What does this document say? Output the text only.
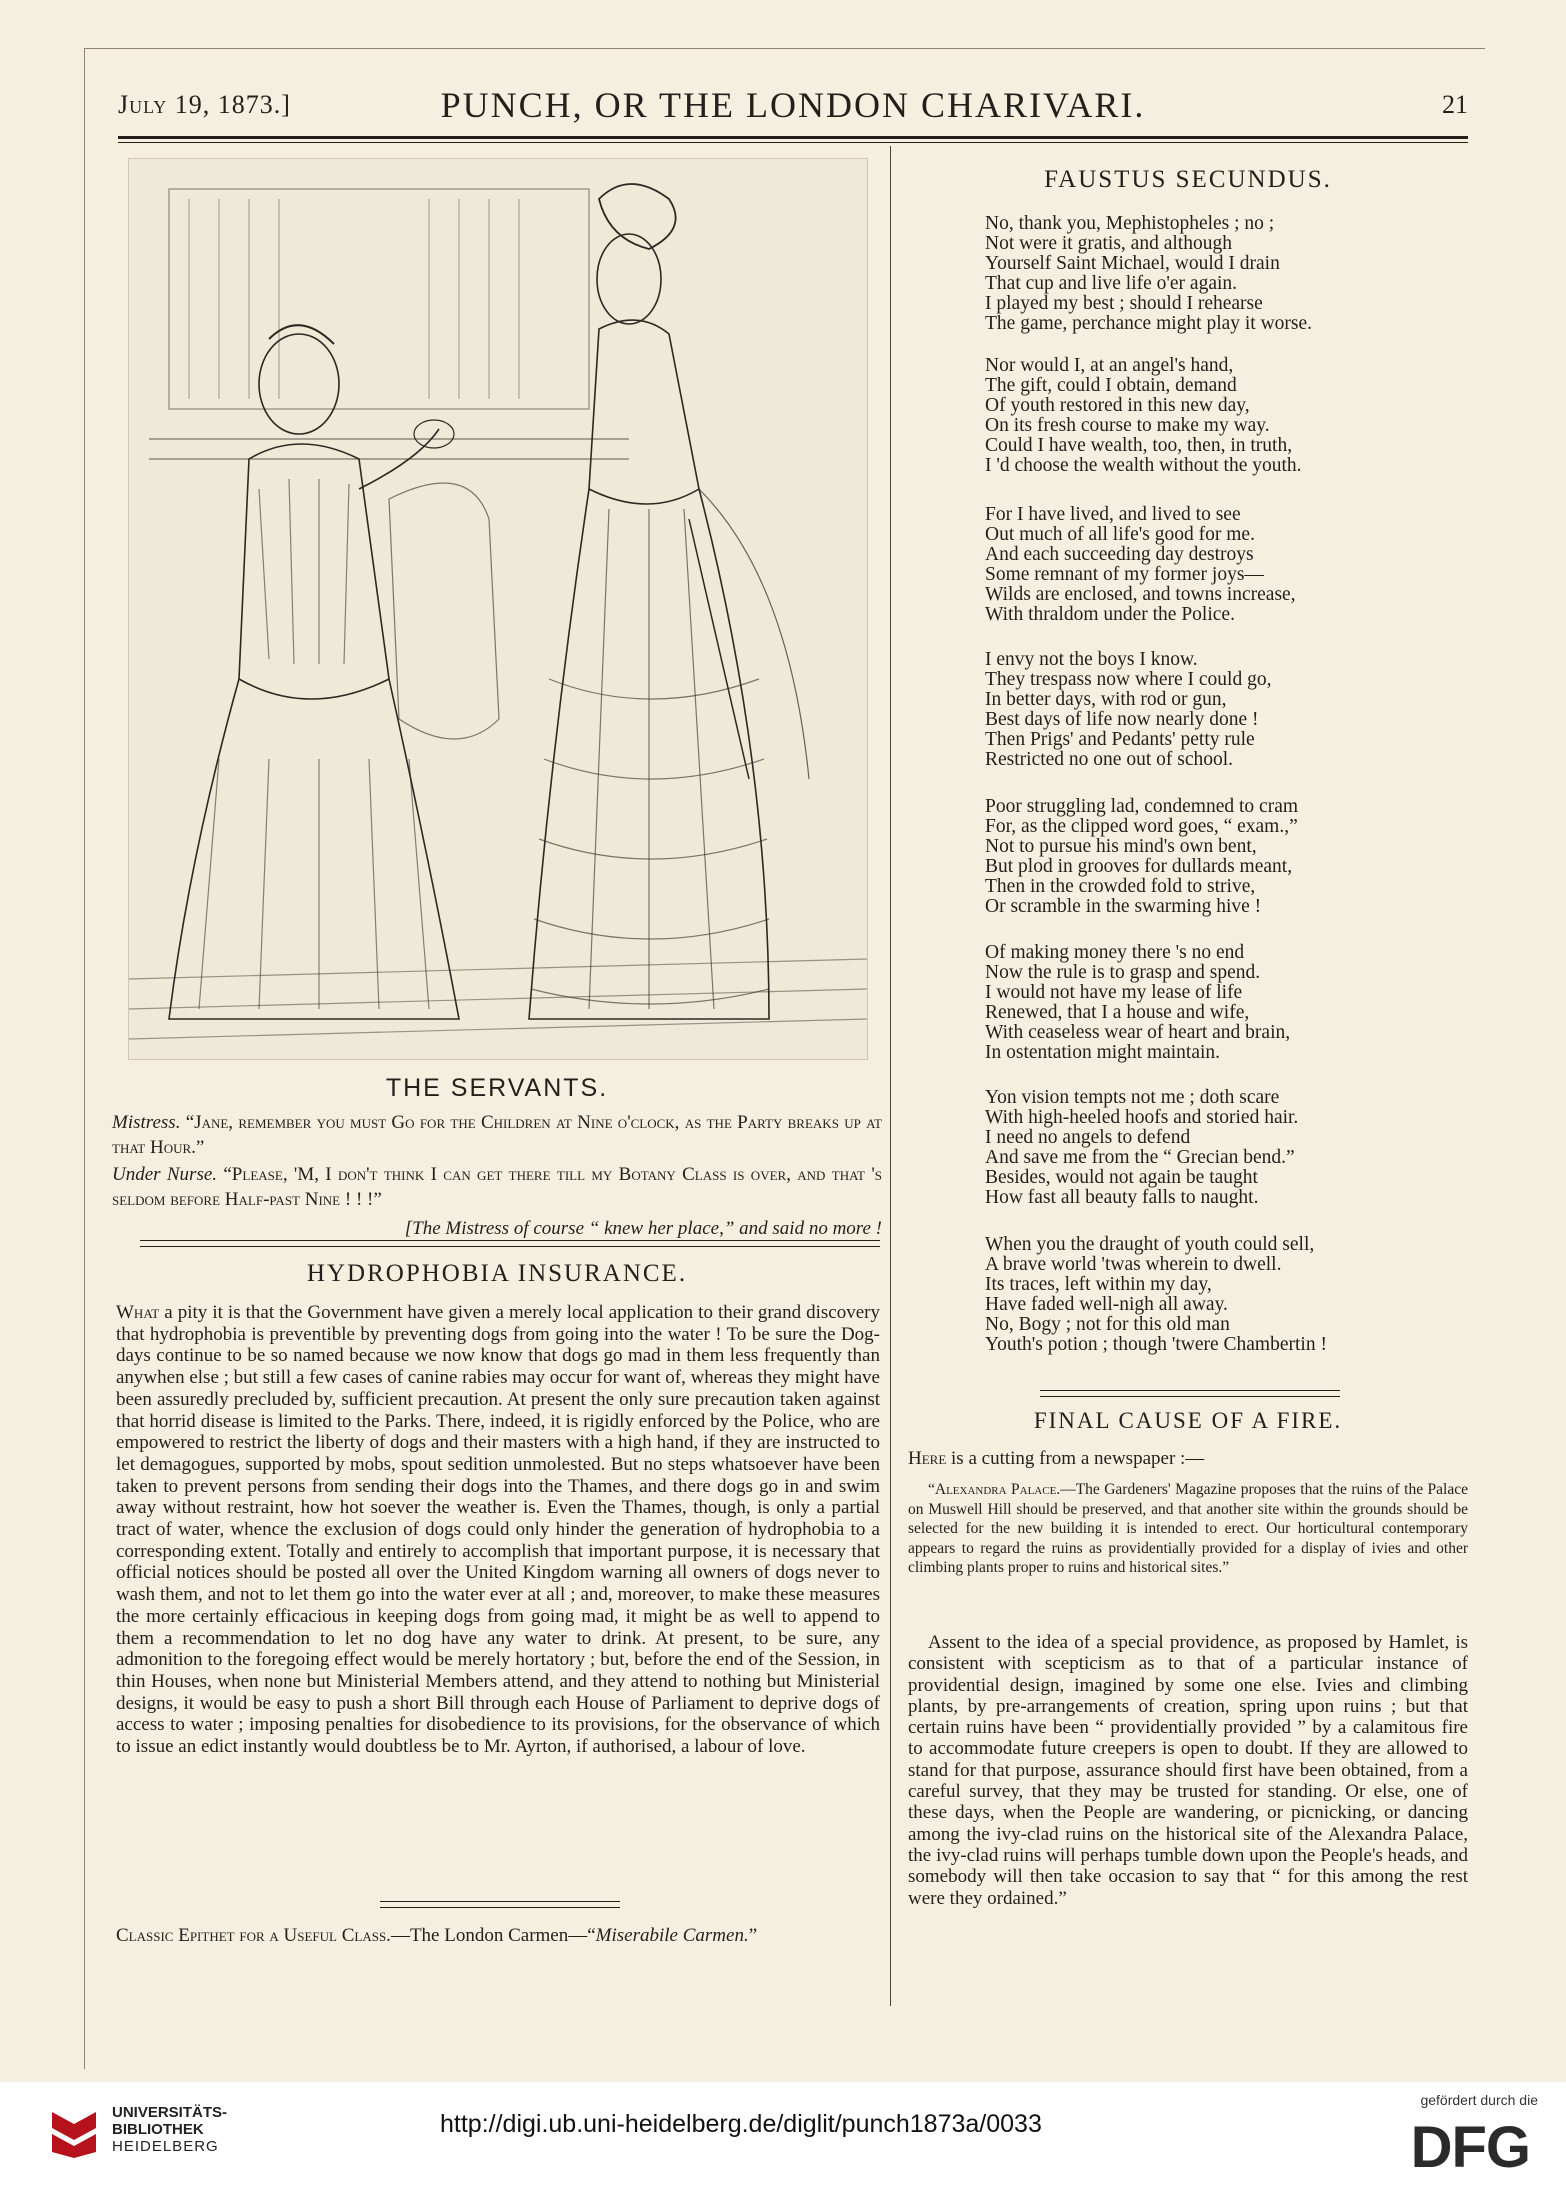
July 19, 1873.]	PUNCH, OR THE LONDON CHARIVARI.	21
THE SERVANTS.
Mistress. “Jane, remember you must Go for the Children at Nine o'clock, as the Party breaks up at that Hour.”
Under Nurse. “Please, 'M, I don't think I can get there till my Botany Class is over, and that 's seldom before Half-past Nine ! ! !”
[The Mistress of course “ knew her place,” and said no more !
HYDROPHOBIA INSURANCE.
What a pity it is that the Government have given a merely local application to their grand discovery that hydrophobia is preventible by preventing dogs from going into the water ! To be sure the Dog-days continue to be so named because we now know that dogs go mad in them less frequently than anywhen else ; but still a few cases of canine rabies may occur for want of, whereas they might have been assuredly precluded by, sufficient precaution. At present the only sure precaution taken against that horrid disease is limited to the Parks. There, indeed, it is rigidly enforced by the Police, who are empowered to restrict the liberty of dogs and their masters with a high hand, if they are instructed to let demagogues, supported by mobs, spout sedition unmolested. But no steps whatsoever have been taken to prevent persons from sending their dogs into the Thames, and there dogs go in and swim away without restraint, how hot soever the weather is. Even the Thames, though, is only a partial tract of water, whence the exclusion of dogs could only hinder the generation of hydrophobia to a corresponding extent. Totally and entirely to accomplish that important purpose, it is necessary that official notices should be posted all over the United Kingdom warning all owners of dogs never to wash them, and not to let them go into the water ever at all ; and, moreover, to make these measures the more certainly efficacious in keeping dogs from going mad, it might be as well to append to them a recommendation to let no dog have any water to drink. At present, to be sure, any admonition to the foregoing effect would be merely hortatory ; but, before the end of the Session, in thin Houses, when none but Ministerial Members attend, and they attend to nothing but Ministerial designs, it would be easy to push a short Bill through each House of Parliament to deprive dogs of access to water ; imposing penalties for disobedience to its provisions, for the observance of which to issue an edict instantly would doubtless be to Mr. Ayrton, if authorised, a labour of love.
Classic Epithet for a Useful Class.—The London Carmen—“Miserabile Carmen.”
FAUSTUS SECUNDUS.
No, thank you, Mephistopheles ; no ;
Not were it gratis, and although
Yourself Saint Michael, would I drain
That cup and live life o'er again.
I played my best ; should I rehearse
The game, perchance might play it worse.
Nor would I, at an angel's hand,
The gift, could I obtain, demand
Of youth restored in this new day,
On its fresh course to make my way.
Could I have wealth, too, then, in truth,
I 'd choose the wealth without the youth.
For I have lived, and lived to see
Out much of all life's good for me.
And each succeeding day destroys
Some remnant of my former joys—
Wilds are enclosed, and towns increase,
With thraldom under the Police.
I envy not the boys I know.
They trespass now where I could go,
In better days, with rod or gun,
Best days of life now nearly done !
Then Prigs' and Pedants' petty rule
Restricted no one out of school.
Poor struggling lad, condemned to cram
For, as the clipped word goes, “ exam.,”
Not to pursue his mind's own bent,
But plod in grooves for dullards meant,
Then in the crowded fold to strive,
Or scramble in the swarming hive !
Of making money there 's no end
Now the rule is to grasp and spend.
I would not have my lease of life
Renewed, that I a house and wife,
With ceaseless wear of heart and brain,
In ostentation might maintain.
Yon vision tempts not me ; doth scare
With high-heeled hoofs and storied hair.
I need no angels to defend
And save me from the “ Grecian bend.”
Besides, would not again be taught
How fast all beauty falls to naught.
When you the draught of youth could sell,
A brave world 'twas wherein to dwell.
Its traces, left within my day,
Have faded well-nigh all away.
No, Bogy ; not for this old man
Youth's potion ; though 'twere Chambertin !
FINAL CAUSE OF A FIRE.
Here is a cutting from a newspaper :—
“Alexandra Palace.—The Gardeners' Magazine proposes that the ruins of the Palace on Muswell Hill should be preserved, and that another site within the grounds should be selected for the new building it is intended to erect. Our horticultural contemporary appears to regard the ruins as providentially provided for a display of ivies and other climbing plants proper to ruins and historical sites.”
Assent to the idea of a special providence, as proposed by Hamlet, is consistent with scepticism as to that of a particular instance of providential design, imagined by some one else. Ivies and climbing plants, by pre-arrangements of creation, spring upon ruins ; but that certain ruins have been “ providentially provided ” by a calamitous fire to accommodate future creepers is open to doubt. If they are allowed to stand for that purpose, assurance should first have been obtained, from a careful survey, that they may be trusted for standing. Or else, one of these days, when the People are wandering, or picnicking, or dancing among the ivy-clad ruins on the historical site of the Alexandra Palace, the ivy-clad ruins will perhaps tumble down upon the People's heads, and somebody will then take occasion to say that “ for this among the rest were they ordained.”
UNIVERSITÄTS-
BIBLIOTHEK
HEIDELBERG
http://digi.ub.uni-heidelberg.de/diglit/punch1873a/0033
gefördert durch die
DFG
